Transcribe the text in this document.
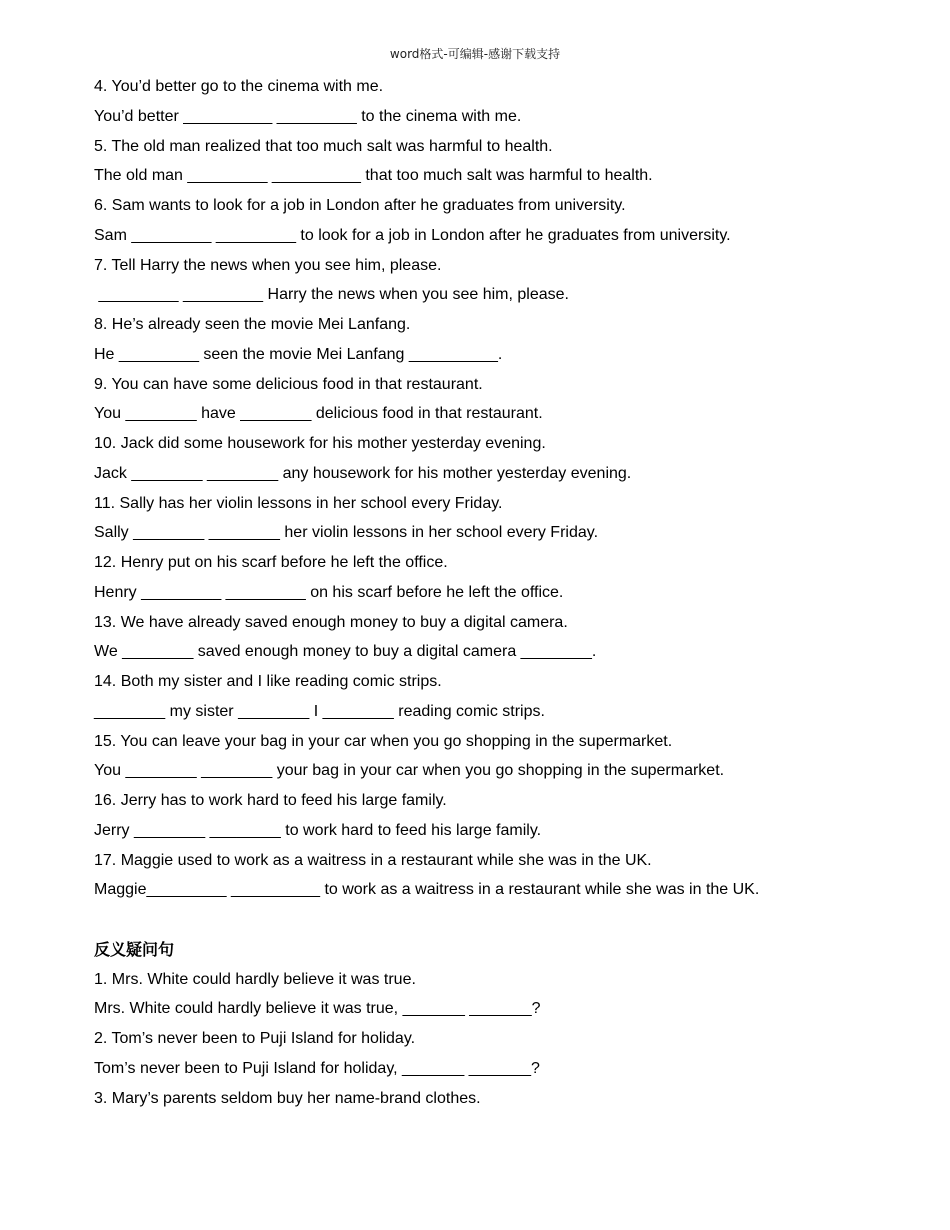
word格式-可编辑-感谢下载支持
4. You’d better go to the cinema with me.
You’d better __________ _________ to the cinema with me.
5. The old man realized that too much salt was harmful to health.
The old man _________ __________ that too much salt was harmful to health.
6. Sam wants to look for a job in London after he graduates from university.
Sam _________ _________ to look for a job in London after he graduates from university.
7. Tell Harry the news when you see him, please.
_________ _________ Harry the news when you see him, please.
8. He’s already seen the movie Mei Lanfang.
He _________ seen the movie Mei Lanfang __________.
9. You can have some delicious food in that restaurant.
You ________ have ________ delicious food in that restaurant.
10. Jack did some housework for his mother yesterday evening.
Jack ________ ________ any housework for his mother yesterday evening.
11. Sally has her violin lessons in her school every Friday.
Sally ________ ________ her violin lessons in her school every Friday.
12. Henry put on his scarf before he left the office.
Henry _________ _________ on his scarf before he left the office.
13. We have already saved enough money to buy a digital camera.
We ________ saved enough money to buy a digital camera ________.
14. Both my sister and I like reading comic strips.
________ my sister ________ I ________ reading comic strips.
15. You can leave your bag in your car when you go shopping in the supermarket.
You ________ ________ your bag in your car when you go shopping in the supermarket.
16. Jerry has to work hard to feed his large family.
Jerry ________ ________ to work hard to feed his large family.
17. Maggie used to work as a waitress in a restaurant while she was in the UK.
Maggie_________ __________ to work as a waitress in a restaurant while she was in the UK.
反义疑问句
1. Mrs. White could hardly believe it was true.
Mrs. White could hardly believe it was true, _______ _______?
2. Tom’s never been to Puji Island for holiday.
Tom’s never been to Puji Island for holiday, _______ _______?
3. Mary’s parents seldom buy her name-brand clothes.
